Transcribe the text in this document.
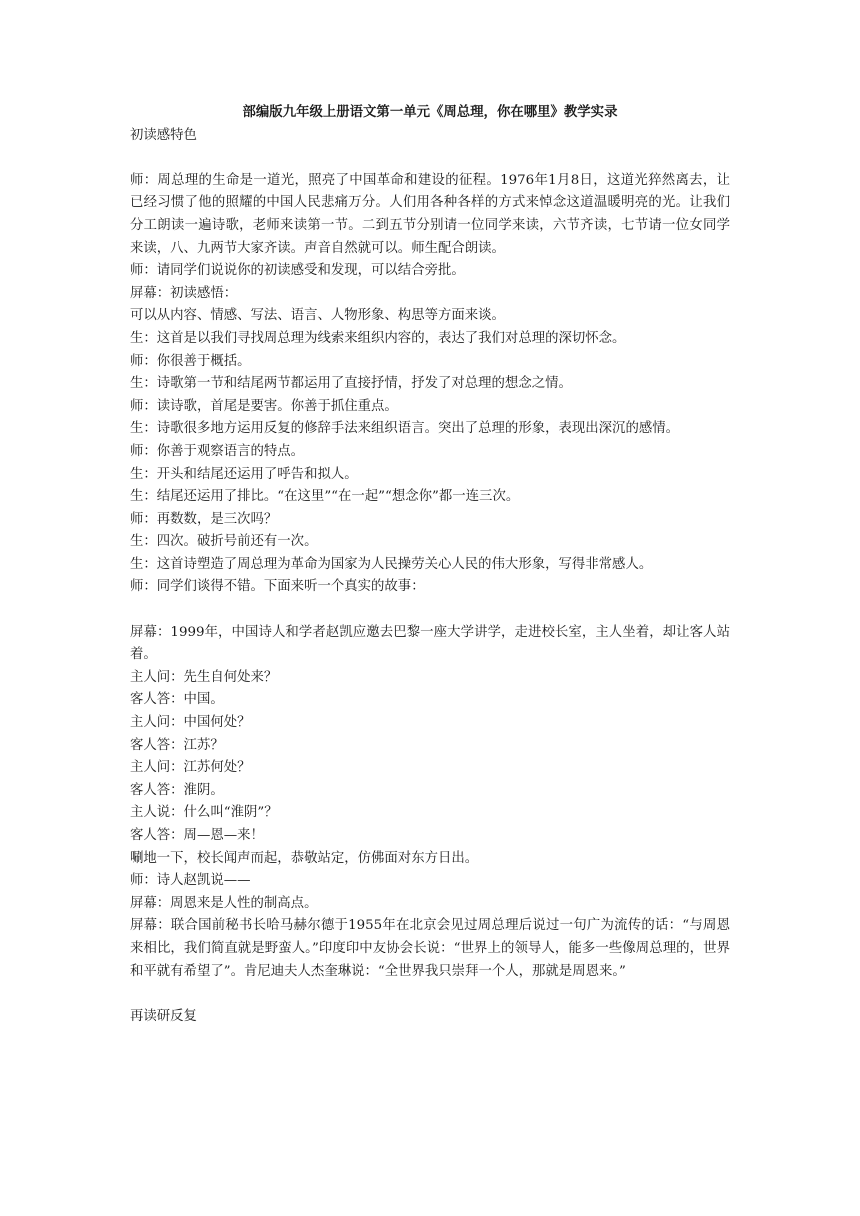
部编版九年级上册语文第一单元《周总理，你在哪里》教学实录

初读感特色

师：周总理的生命是一道光，照亮了中国革命和建设的征程。1976年1月8日，这道光猝然离去，让已经习惯了他的照耀的中国人民悲痛万分。人们用各种各样的方式来悼念这道温暖明亮的光。让我们分工朗读一遍诗歌，老师来读第一节。二到五节分别请一位同学来读，六节齐读，七节请一位女同学来读，八、九两节大家齐读。声音自然就可以。师生配合朗读。

师：请同学们说说你的初读感受和发现，可以结合旁批。

屏幕：初读感悟：

可以从内容、情感、写法、语言、人物形象、构思等方面来谈。

生：这首是以我们寻找周总理为线索来组织内容的，表达了我们对总理的深切怀念。

师：你很善于概括。

生：诗歌第一节和结尾两节都运用了直接抒情，抒发了对总理的想念之情。

师：读诗歌，首尾是要害。你善于抓住重点。

生：诗歌很多地方运用反复的修辞手法来组织语言。突出了总理的形象，表现出深沉的感情。

师：你善于观察语言的特点。

生：开头和结尾还运用了呼告和拟人。

生：结尾还运用了排比。“在这里”“在一起”“想念你”都一连三次。

师：再数数，是三次吗？

生：四次。破折号前还有一次。

生：这首诗塑造了周总理为革命为国家为人民操劳关心人民的伟大形象，写得非常感人。

师：同学们谈得不错。下面来听一个真实的故事：

屏幕：1999年，中国诗人和学者赵凯应邀去巴黎一座大学讲学，走进校长室，主人坐着，却让客人站着。

主人问：先生自何处来？

客人答：中国。

主人问：中国何处？

客人答：江苏？

主人问：江苏何处？

客人答：淮阴。

主人说：什么叫“淮阴”？

客人答：周—恩—来！

唰地一下，校长闻声而起，恭敬站定，仿佛面对东方日出。

师：诗人赵凯说——

屏幕：周恩来是人性的制高点。

屏幕：联合国前秘书长哈马赫尔德于1955年在北京会见过周总理后说过一句广为流传的话：“与周恩来相比，我们简直就是野蛮人。”印度印中友协会长说：“世界上的领导人，能多一些像周总理的，世界和平就有希望了”。肯尼迪夫人杰奎琳说：“全世界我只崇拜一个人，那就是周恩来。”

再读研反复
